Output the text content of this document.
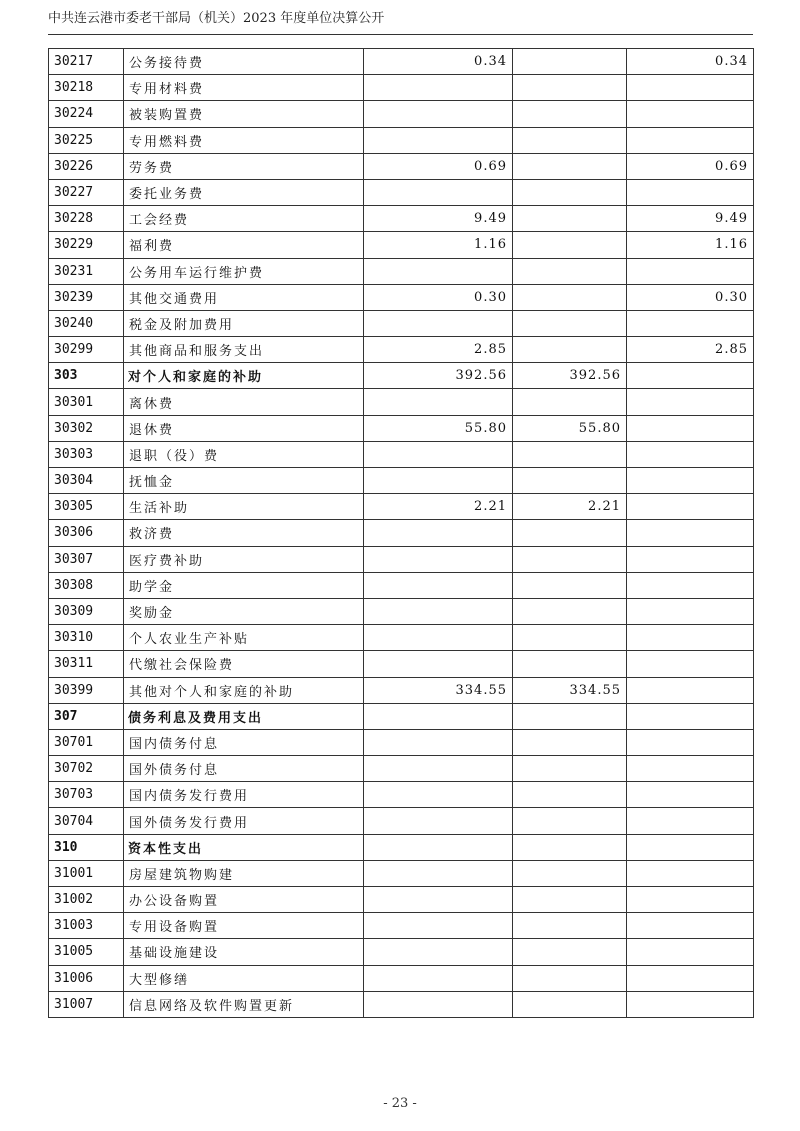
中共连云港市委老干部局（机关）2023 年度单位决算公开
30217	公务接待费	0.34		0.34
30218	专用材料费			
30224	被装购置费			
30225	专用燃料费			
30226	劳务费	0.69		0.69
30227	委托业务费			
30228	工会经费	9.49		9.49
30229	福利费	1.16		1.16
30231	公务用车运行维护费			
30239	其他交通费用	0.30		0.30
30240	税金及附加费用			
30299	其他商品和服务支出	2.85		2.85
303	对个人和家庭的补助	392.56	392.56	
30301	离休费			
30302	退休费	55.80	55.80	
30303	退职（役）费			
30304	抚恤金			
30305	生活补助	2.21	2.21	
30306	救济费			
30307	医疗费补助			
30308	助学金			
30309	奖励金			
30310	个人农业生产补贴			
30311	代缴社会保险费			
30399	其他对个人和家庭的补助	334.55	334.55	
307	债务利息及费用支出			
30701	国内债务付息			
30702	国外债务付息			
30703	国内债务发行费用			
30704	国外债务发行费用			
310	资本性支出			
31001	房屋建筑物购建			
31002	办公设备购置			
31003	专用设备购置			
31005	基础设施建设			
31006	大型修缮			
31007	信息网络及软件购置更新			
- 23 -
